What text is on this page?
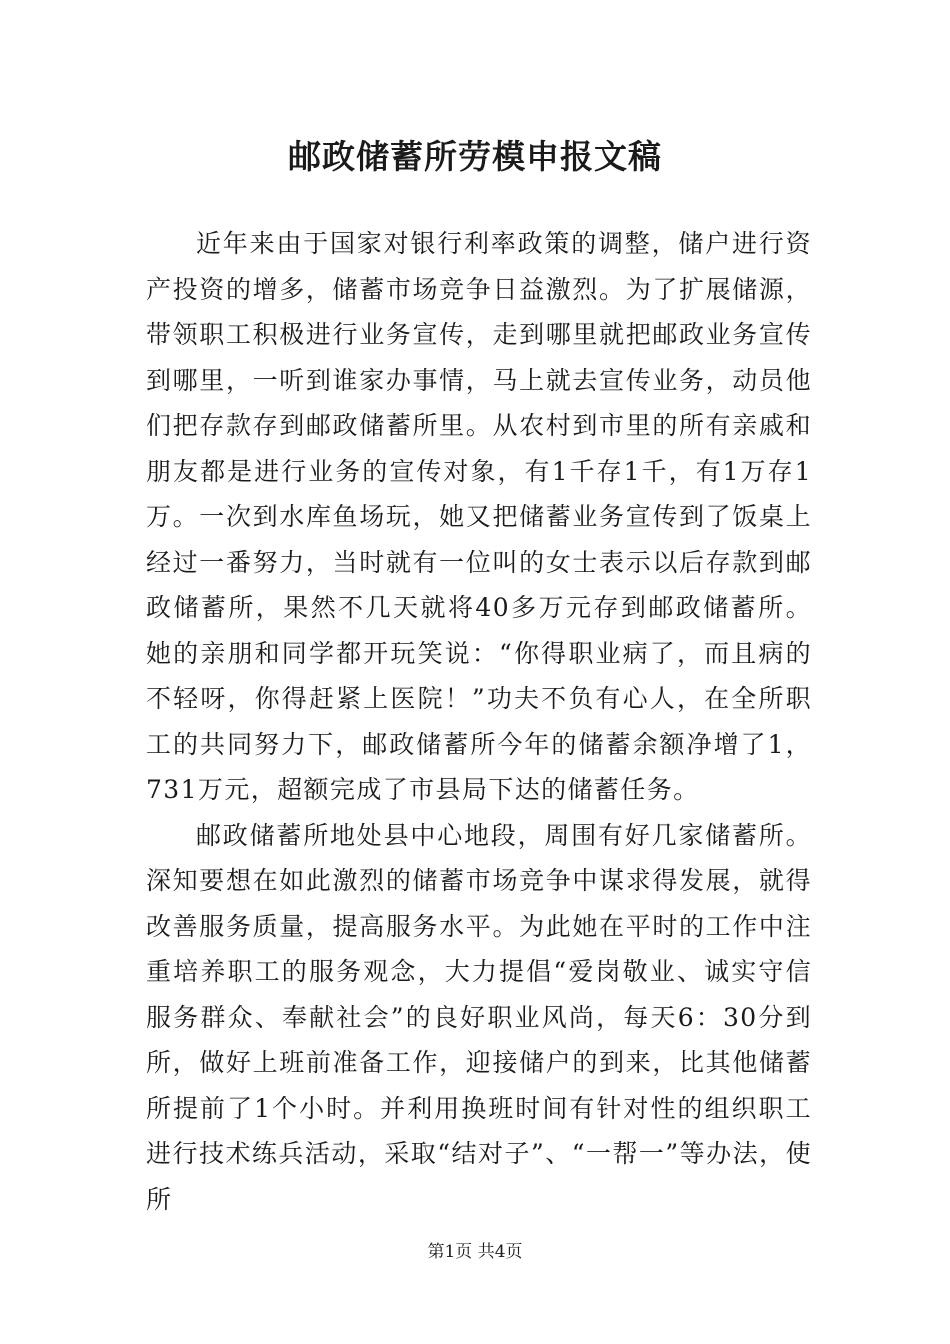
邮政储蓄所劳模申报文稿

近年来由于国家对银行利率政策的调整，储户进行资产投资的增多，储蓄市场竞争日益激烈。为了扩展储源，带领职工积极进行业务宣传，走到哪里就把邮政业务宣传到哪里，一听到谁家办事情，马上就去宣传业务，动员他们把存款存到邮政储蓄所里。从农村到市里的所有亲戚和朋友都是进行业务的宣传对象，有1千存1千，有1万存1万。一次到水库鱼场玩，她又把储蓄业务宣传到了饭桌上经过一番努力，当时就有一位叫的女士表示以后存款到邮政储蓄所，果然不几天就将40多万元存到邮政储蓄所。她的亲朋和同学都开玩笑说：“你得职业病了，而且病的不轻呀，你得赶紧上医院！”功夫不负有心人，在全所职工的共同努力下，邮政储蓄所今年的储蓄余额净增了1，731万元，超额完成了市县局下达的储蓄任务。

邮政储蓄所地处县中心地段，周围有好几家储蓄所。深知要想在如此激烈的储蓄市场竞争中谋求得发展，就得改善服务质量，提高服务水平。为此她在平时的工作中注重培养职工的服务观念，大力提倡“爱岗敬业、诚实守信服务群众、奉献社会”的良好职业风尚，每天6：30分到所，做好上班前准备工作，迎接储户的到来，比其他储蓄所提前了1个小时。并利用换班时间有针对性的组织职工进行技术练兵活动，采取“结对子”、“一帮一”等办法，使所

第1页 共4页
